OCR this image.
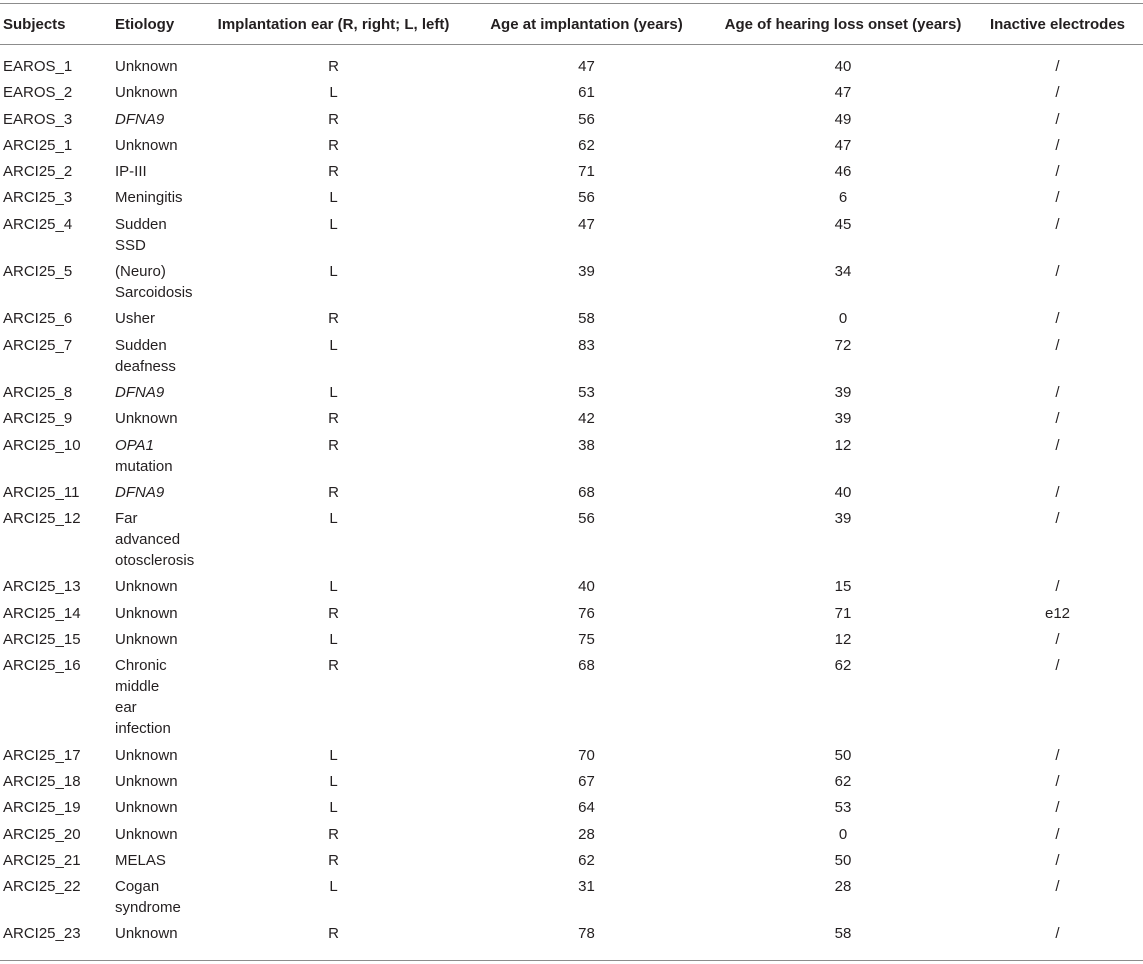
Subjects	Etiology	Implantation ear (R, right; L, left)	Age at implantation (years)	Age of hearing loss onset (years)	Inactive electrodes
EAROS_1	Unknown	R	47	40	/
EAROS_2	Unknown	L	61	47	/
EAROS_3	DFNA9	R	56	49	/
ARCI25_1	Unknown	R	62	47	/
ARCI25_2	IP-III	R	71	46	/
ARCI25_3	Meningitis	L	56	6	/
ARCI25_4	Sudden
SSD	L	47	45	/
ARCI25_5	(Neuro)
Sarcoidosis	L	39	34	/
ARCI25_6	Usher	R	58	0	/
ARCI25_7	Sudden
deafness	L	83	72	/
ARCI25_8	DFNA9	L	53	39	/
ARCI25_9	Unknown	R	42	39	/
ARCI25_10	OPA1
mutation	R	38	12	/
ARCI25_11	DFNA9	R	68	40	/
ARCI25_12	Far
advanced
otosclerosis	L	56	39	/
ARCI25_13	Unknown	L	40	15	/
ARCI25_14	Unknown	R	76	71	e12
ARCI25_15	Unknown	L	75	12	/
ARCI25_16	Chronic
middle
ear
infection	R	68	62	/
ARCI25_17	Unknown	L	70	50	/
ARCI25_18	Unknown	L	67	62	/
ARCI25_19	Unknown	L	64	53	/
ARCI25_20	Unknown	R	28	0	/
ARCI25_21	MELAS	R	62	50	/
ARCI25_22	Cogan
syndrome	L	31	28	/
ARCI25_23	Unknown	R	78	58	/
